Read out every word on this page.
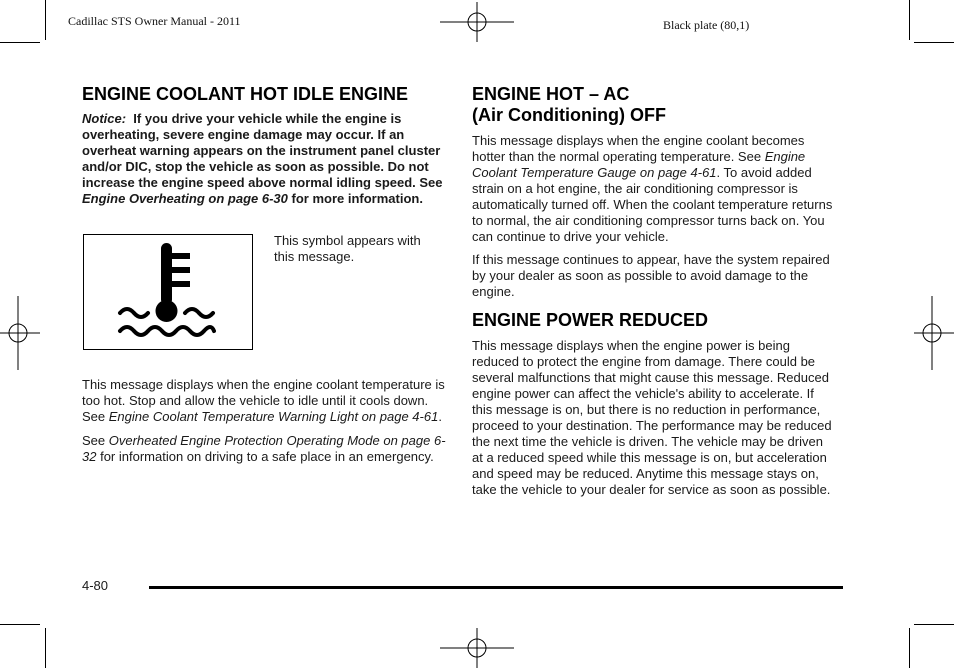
Cadillac STS Owner Manual - 2011	Black plate (80,1)
ENGINE COOLANT HOT IDLE ENGINE

Notice: If you drive your vehicle while the engine is overheating, severe engine damage may occur. If an overheat warning appears on the instrument panel cluster and/or DIC, stop the vehicle as soon as possible. Do not increase the engine speed above normal idling speed. See Engine Overheating on page 6-30 for more information.

This symbol appears with this message.

This message displays when the engine coolant temperature is too hot. Stop and allow the vehicle to idle until it cools down. See Engine Coolant Temperature Warning Light on page 4-61.

See Overheated Engine Protection Operating Mode on page 6-32 for information on driving to a safe place in an emergency.

ENGINE HOT – AC
(Air Conditioning) OFF

This message displays when the engine coolant becomes hotter than the normal operating temperature. See Engine Coolant Temperature Gauge on page 4-61. To avoid added strain on a hot engine, the air conditioning compressor is automatically turned off. When the coolant temperature returns to normal, the air conditioning compressor turns back on. You can continue to drive your vehicle.

If this message continues to appear, have the system repaired by your dealer as soon as possible to avoid damage to the engine.

ENGINE POWER REDUCED

This message displays when the engine power is being reduced to protect the engine from damage. There could be several malfunctions that might cause this message. Reduced engine power can affect the vehicle's ability to accelerate. If this message is on, but there is no reduction in performance, proceed to your destination. The performance may be reduced the next time the vehicle is driven. The vehicle may be driven at a reduced speed while this message is on, but acceleration and speed may be reduced. Anytime this message stays on, take the vehicle to your dealer for service as soon as possible.

4-80
